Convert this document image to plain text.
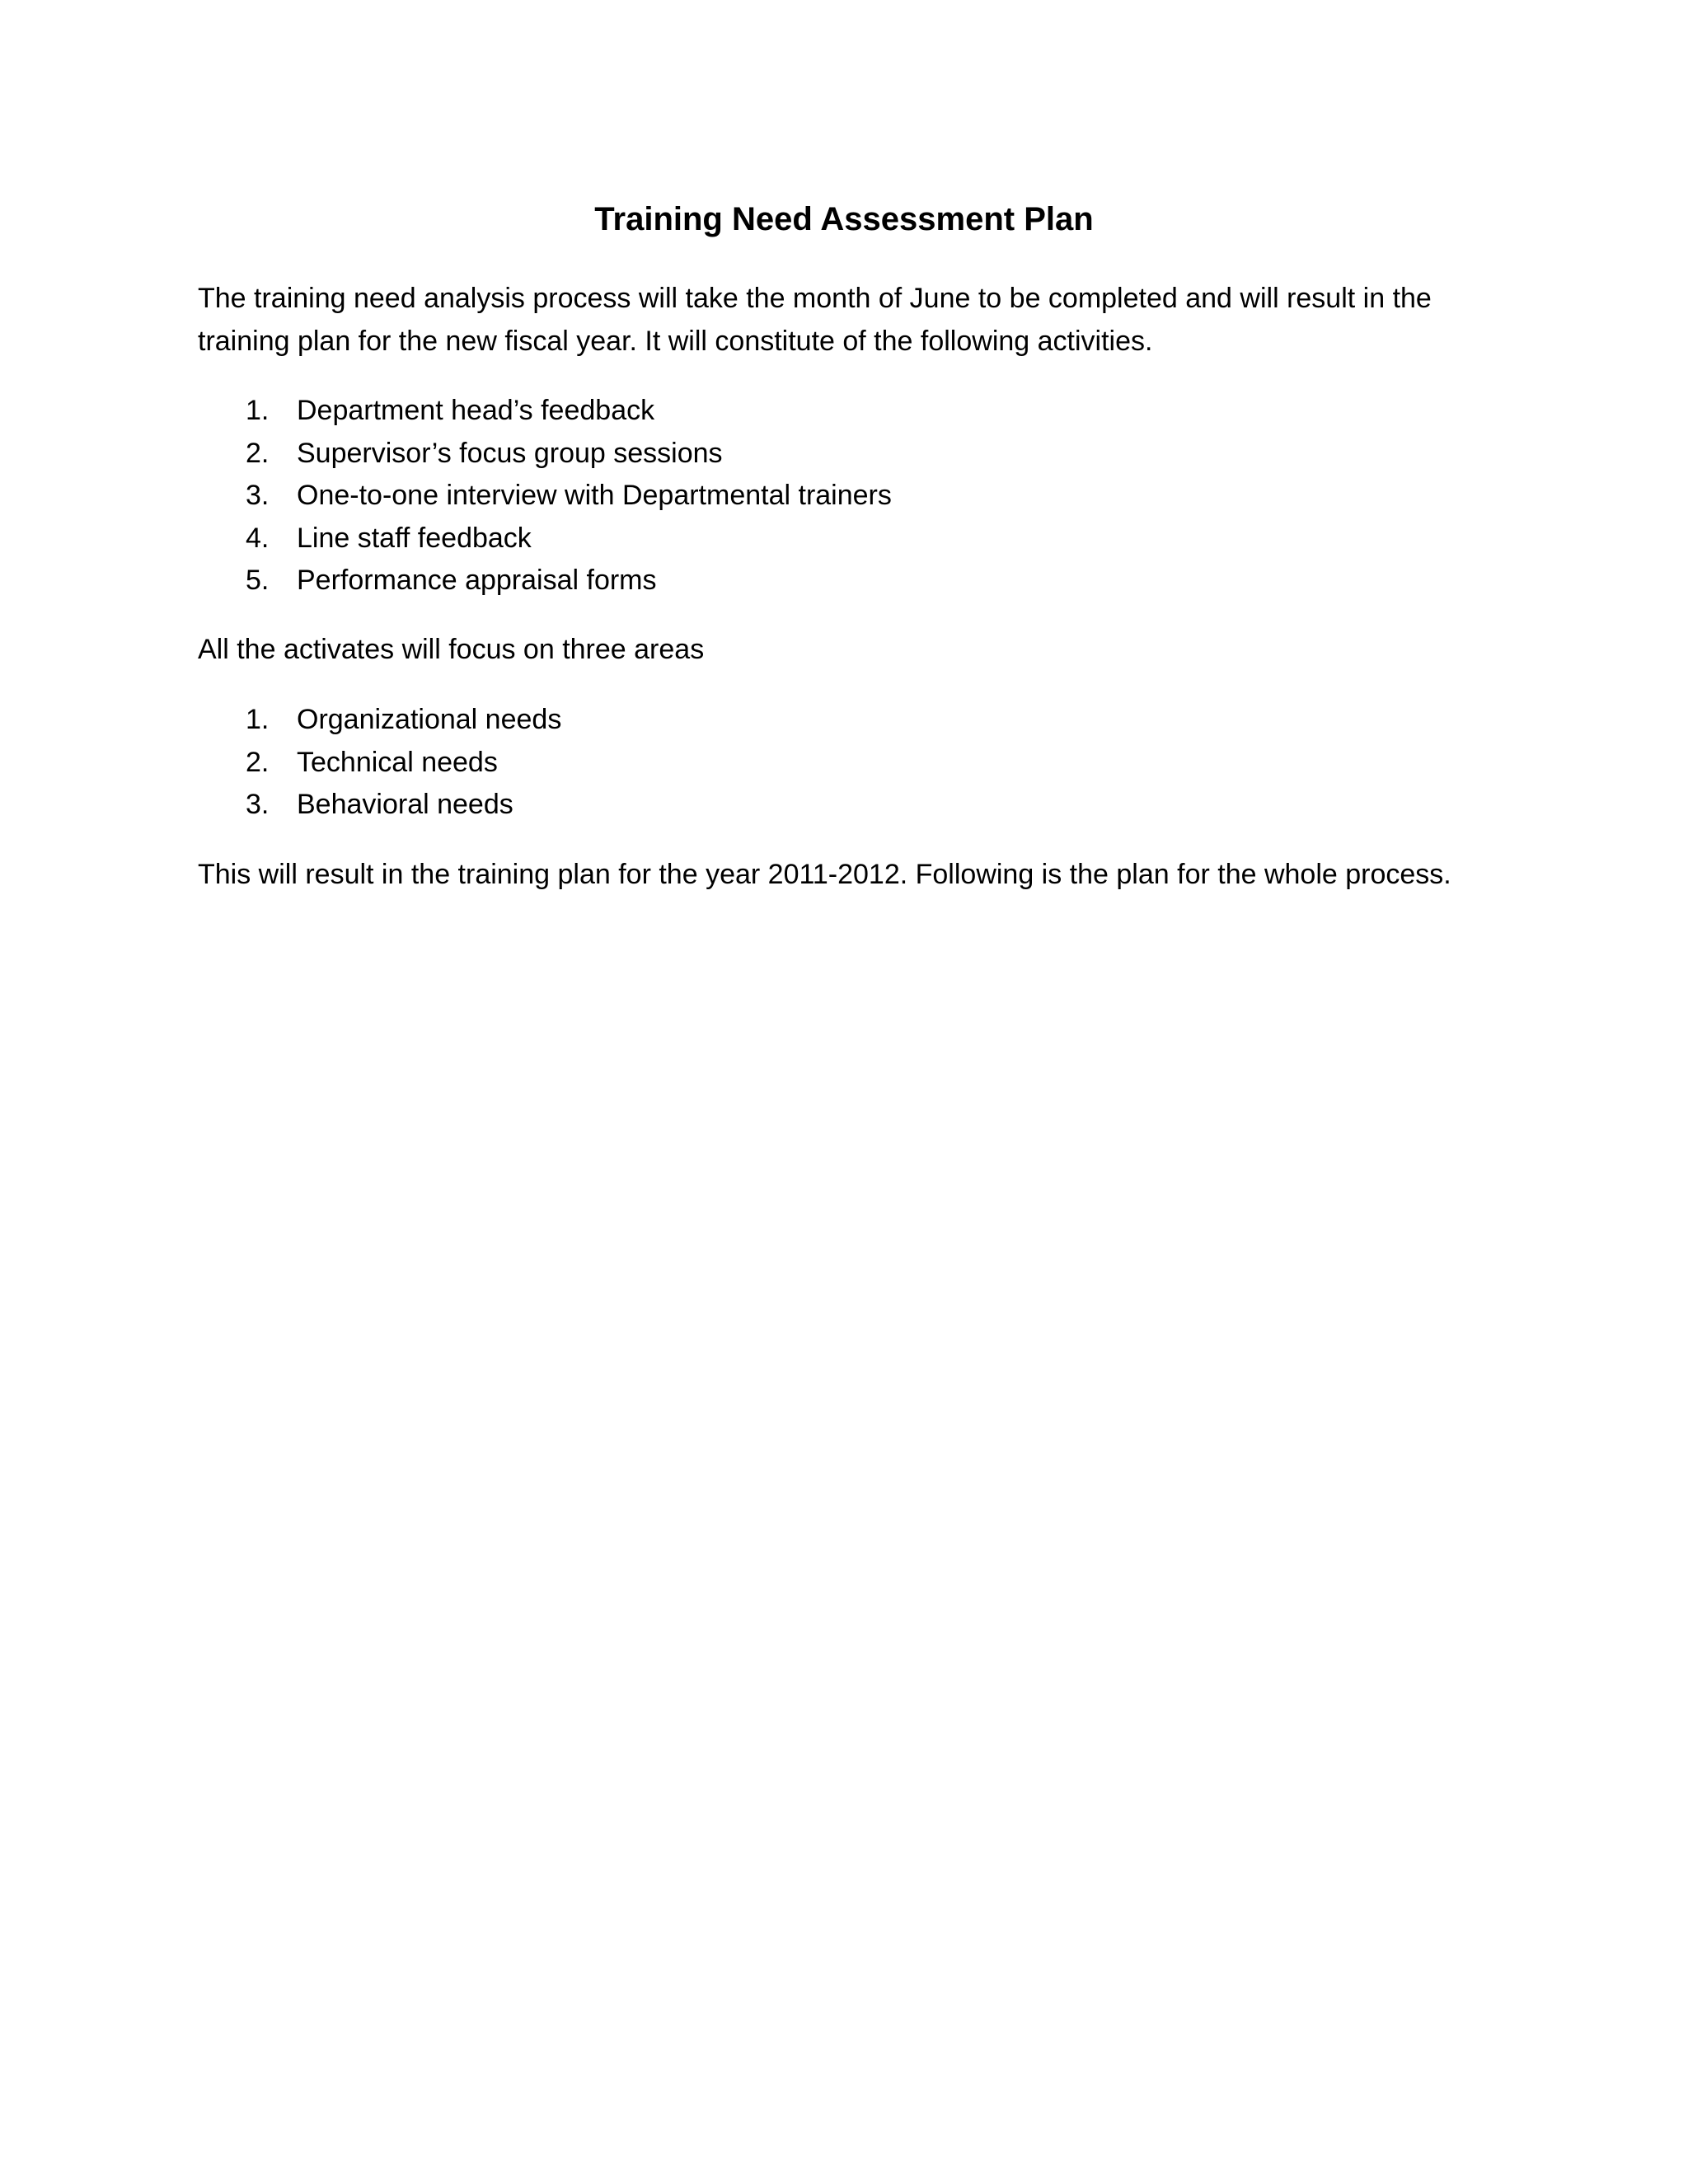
Training Need Assessment Plan

The training need analysis process will take the month of June to be completed and will result in the training plan for the new fiscal year. It will constitute of the following activities.

1. Department head’s feedback
2. Supervisor’s focus group sessions
3. One-to-one interview with Departmental trainers
4. Line staff feedback
5. Performance appraisal forms

All the activates will focus on three areas

1. Organizational needs
2. Technical needs
3. Behavioral needs

This will result in the training plan for the year 2011-2012. Following is the plan for the whole process.
